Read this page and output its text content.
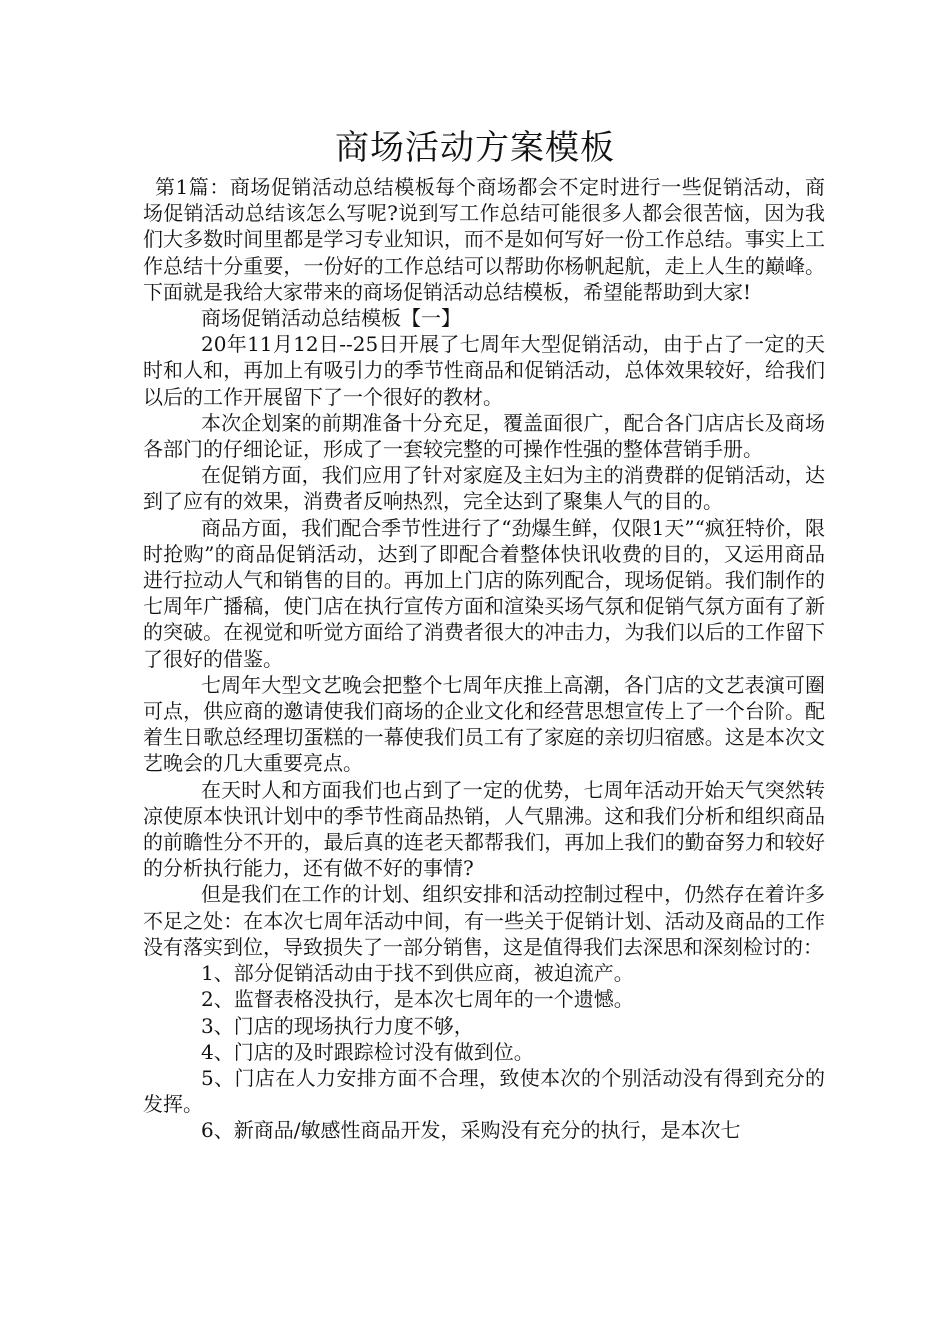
商场活动方案模板

第1篇：商场促销活动总结模板每个商场都会不定时进行一些促销活动，商场促销活动总结该怎么写呢?说到写工作总结可能很多人都会很苦恼，因为我们大多数时间里都是学习专业知识，而不是如何写好一份工作总结。事实上工作总结十分重要，一份好的工作总结可以帮助你杨帆起航，走上人生的巅峰。下面就是我给大家带来的商场促销活动总结模板，希望能帮助到大家!

商场促销活动总结模板【一】

20年11月12日--25日开展了七周年大型促销活动，由于占了一定的天时和人和，再加上有吸引力的季节性商品和促销活动，总体效果较好，给我们以后的工作开展留下了一个很好的教材。

本次企划案的前期准备十分充足，覆盖面很广，配合各门店店长及商场各部门的仔细论证，形成了一套较完整的可操作性强的整体营销手册。

在促销方面，我们应用了针对家庭及主妇为主的消费群的促销活动，达到了应有的效果，消费者反响热烈，完全达到了聚集人气的目的。

商品方面，我们配合季节性进行了“劲爆生鲜，仅限1天”“疯狂特价，限时抢购”的商品促销活动，达到了即配合着整体快讯收费的目的，又运用商品进行拉动人气和销售的目的。再加上门店的陈列配合，现场促销。我们制作的七周年广播稿，使门店在执行宣传方面和渲染买场气氛和促销气氛方面有了新的突破。在视觉和听觉方面给了消费者很大的冲击力，为我们以后的工作留下了很好的借鉴。

七周年大型文艺晚会把整个七周年庆推上高潮，各门店的文艺表演可圈可点，供应商的邀请使我们商场的企业文化和经营思想宣传上了一个台阶。配着生日歌总经理切蛋糕的一幕使我们员工有了家庭的亲切归宿感。这是本次文艺晚会的几大重要亮点。

在天时人和方面我们也占到了一定的优势，七周年活动开始天气突然转凉使原本快讯计划中的季节性商品热销，人气鼎沸。这和我们分析和组织商品的前瞻性分不开的，最后真的连老天都帮我们，再加上我们的勤奋努力和较好的分析执行能力，还有做不好的事情?

但是我们在工作的计划、组织安排和活动控制过程中，仍然存在着许多不足之处：在本次七周年活动中间，有一些关于促销计划、活动及商品的工作没有落实到位，导致损失了一部分销售，这是值得我们去深思和深刻检讨的：

1、部分促销活动由于找不到供应商，被迫流产。

2、监督表格没执行，是本次七周年的一个遗憾。

3、门店的现场执行力度不够，

4、门店的及时跟踪检讨没有做到位。

5、门店在人力安排方面不合理，致使本次的个别活动没有得到充分的发挥。

6、新商品/敏感性商品开发，采购没有充分的执行，是本次七
